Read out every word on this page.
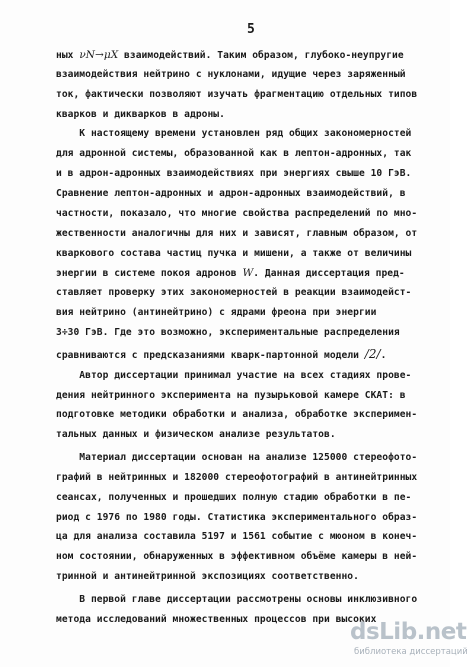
5
ных νN→μX взаимодействий. Таким образом, глубоко-неупругие
взаимодействия нейтрино с нуклонами, идущие через заряженный
ток, фактически позволяют изучать фрагментацию отдельных типов
кварков и дикварков в адроны.
К настоящему времени установлен ряд общих закономерностей
для адронной системы, образованной как в лептон-адронных, так
и в адрон-адронных взаимодействиях при энергиях свыше 10 ГэВ.
Сравнение лептон-адронных и адрон-адронных взаимодействий, в
частности, показало, что многие свойства распределений по мно-
жественности аналогичны для них и зависят, главным образом, от
кваркового состава частиц пучка и мишени, а также от величины
энергии в системе покоя адронов W. Данная диссертация пред-
ставляет проверку этих закономерностей в реакции взаимодейст-
вия нейтрино (антинейтрино) с ядрами фреона при энергии
3÷30 ГэВ. Где это возможно, экспериментальные распределения
сравниваются с предсказаниями кварк-партонной модели /2/.
Автор диссертации принимал участие на всех стадиях прове-
дения нейтринного эксперимента на пузырьковой камере СКАТ: в
подготовке методики обработки и анализа, обработке эксперимен-
тальных данных и физическом анализе результатов.
Материал диссертации основан на анализе 125000 стереофото-
графий в нейтринных и 182000 стереофотографий в антинейтринных
сеансах, полученных и прошедших полную стадию обработки в пе-
риод с 1976 по 1980 годы. Статистика экспериментального образ-
ца для анализа составила 5197 и 1561 событие с мюоном в конеч-
ном состоянии, обнаруженных в эффективном объёме камеры в ней-
тринной и антинейтринной экспозициях соответственно.
В первой главе диссертации рассмотрены основы инклюзивного
метода исследований множественных процессов при высоких
dsLib.net
библиотека диссертаций
